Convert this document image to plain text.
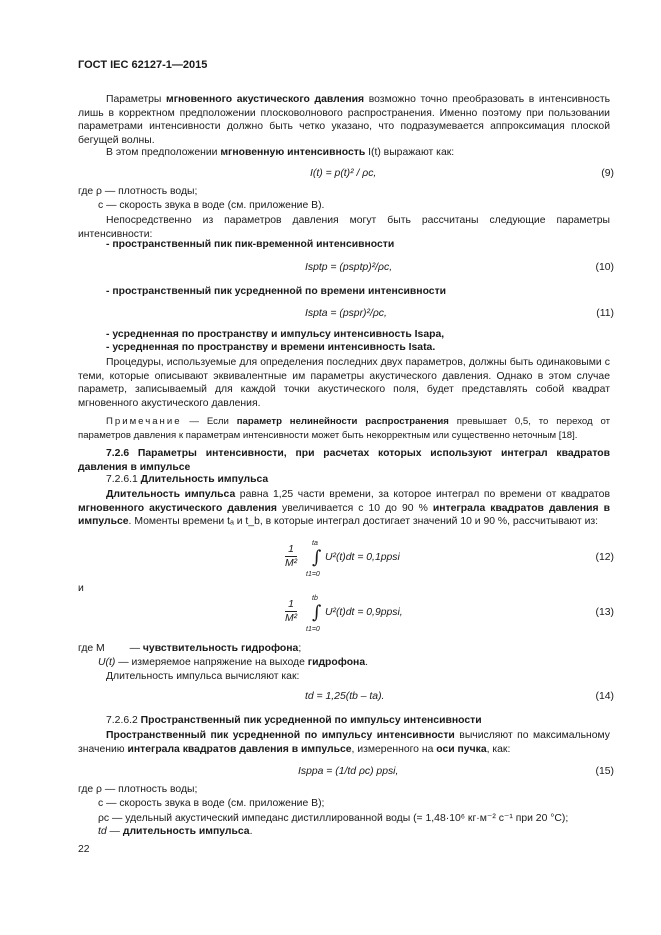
ГОСТ IEC 62127-1—2015
Параметры мгновенного акустического давления возможно точно преобразовать в интенсивность лишь в корректном предположении плосковолнового распространения. Именно поэтому при пользовании параметрами интенсивности должно быть четко указано, что подразумевается аппроксимация плоской бегущей волны.
В этом предположении мгновенную интенсивность I(t) выражают как:
I(t) = p(t)² / ρc,	(9)
где ρ — плотность воды;
c — скорость звука в воде (см. приложение В).
Непосредственно из параметров давления могут быть рассчитаны следующие параметры интенсивности:
- пространственный пик пик-временной интенсивности
Isptp = (psptp)²/ρc,	(10)
- пространственный пик усредненной по времени интенсивности
Ispta = (pspr)²/ρc,	(11)
- усредненная по пространству и импульсу интенсивность Isapa,
- усредненная по пространству и времени интенсивность Isata.
Процедуры, используемые для определения последних двух параметров, должны быть одинаковыми с теми, которые описывают эквивалентные им параметры акустического давления. Однако в этом случае параметр, записываемый для каждой точки акустического поля, будет представлять собой квадрат мгновенного акустического давления.
Примечание — Если параметр нелинейности распространения превышает 0,5, то переход от параметров давления к параметрам интенсивности может быть некорректным или существенно неточным [18].
7.2.6 Параметры интенсивности, при расчетах которых используют интеграл квадратов давления в импульсе
7.2.6.1 Длительность импульса
Длительность импульса равна 1,25 части времени, за которое интеграл по времени от квадратов мгновенного акустического давления увеличивается с 10 до 90 % интеграла квадратов давления в импульсе. Моменты времени tₐ и t_b, в которые интеграл достигает значений 10 и 90 %, рассчитывают из:
$\frac{1}{\text{M²}}$ ∫
ta
t1=0
U²(t)dt = 0,1ppsi	(12)
и
$\frac{1}{\text{M²}}$ ∫
tb
t1=0
U²(t)dt = 0,9ppsi,	(13)
где M — чувствительность гидрофона;
U(t) — измеряемое напряжение на выходе гидрофона.
Длительность импульса вычисляют как:
td = 1,25(tb – ta).	(14)
7.2.6.2 Пространственный пик усредненной по импульсу интенсивности
Пространственный пик усредненной по импульсу интенсивности вычисляют по максимальному значению интеграла квадратов давления в импульсе, измеренного на оси пучка, как:
Isppa = (1/td ρc) ppsi,	(15)
где ρ — плотность воды;
c — скорость звука в воде (см. приложение В);
ρc — удельный акустический импеданс дистиллированной воды (= 1,48·10⁶ кг·м⁻² с⁻¹ при 20 °С);
td — длительность импульса.
22
